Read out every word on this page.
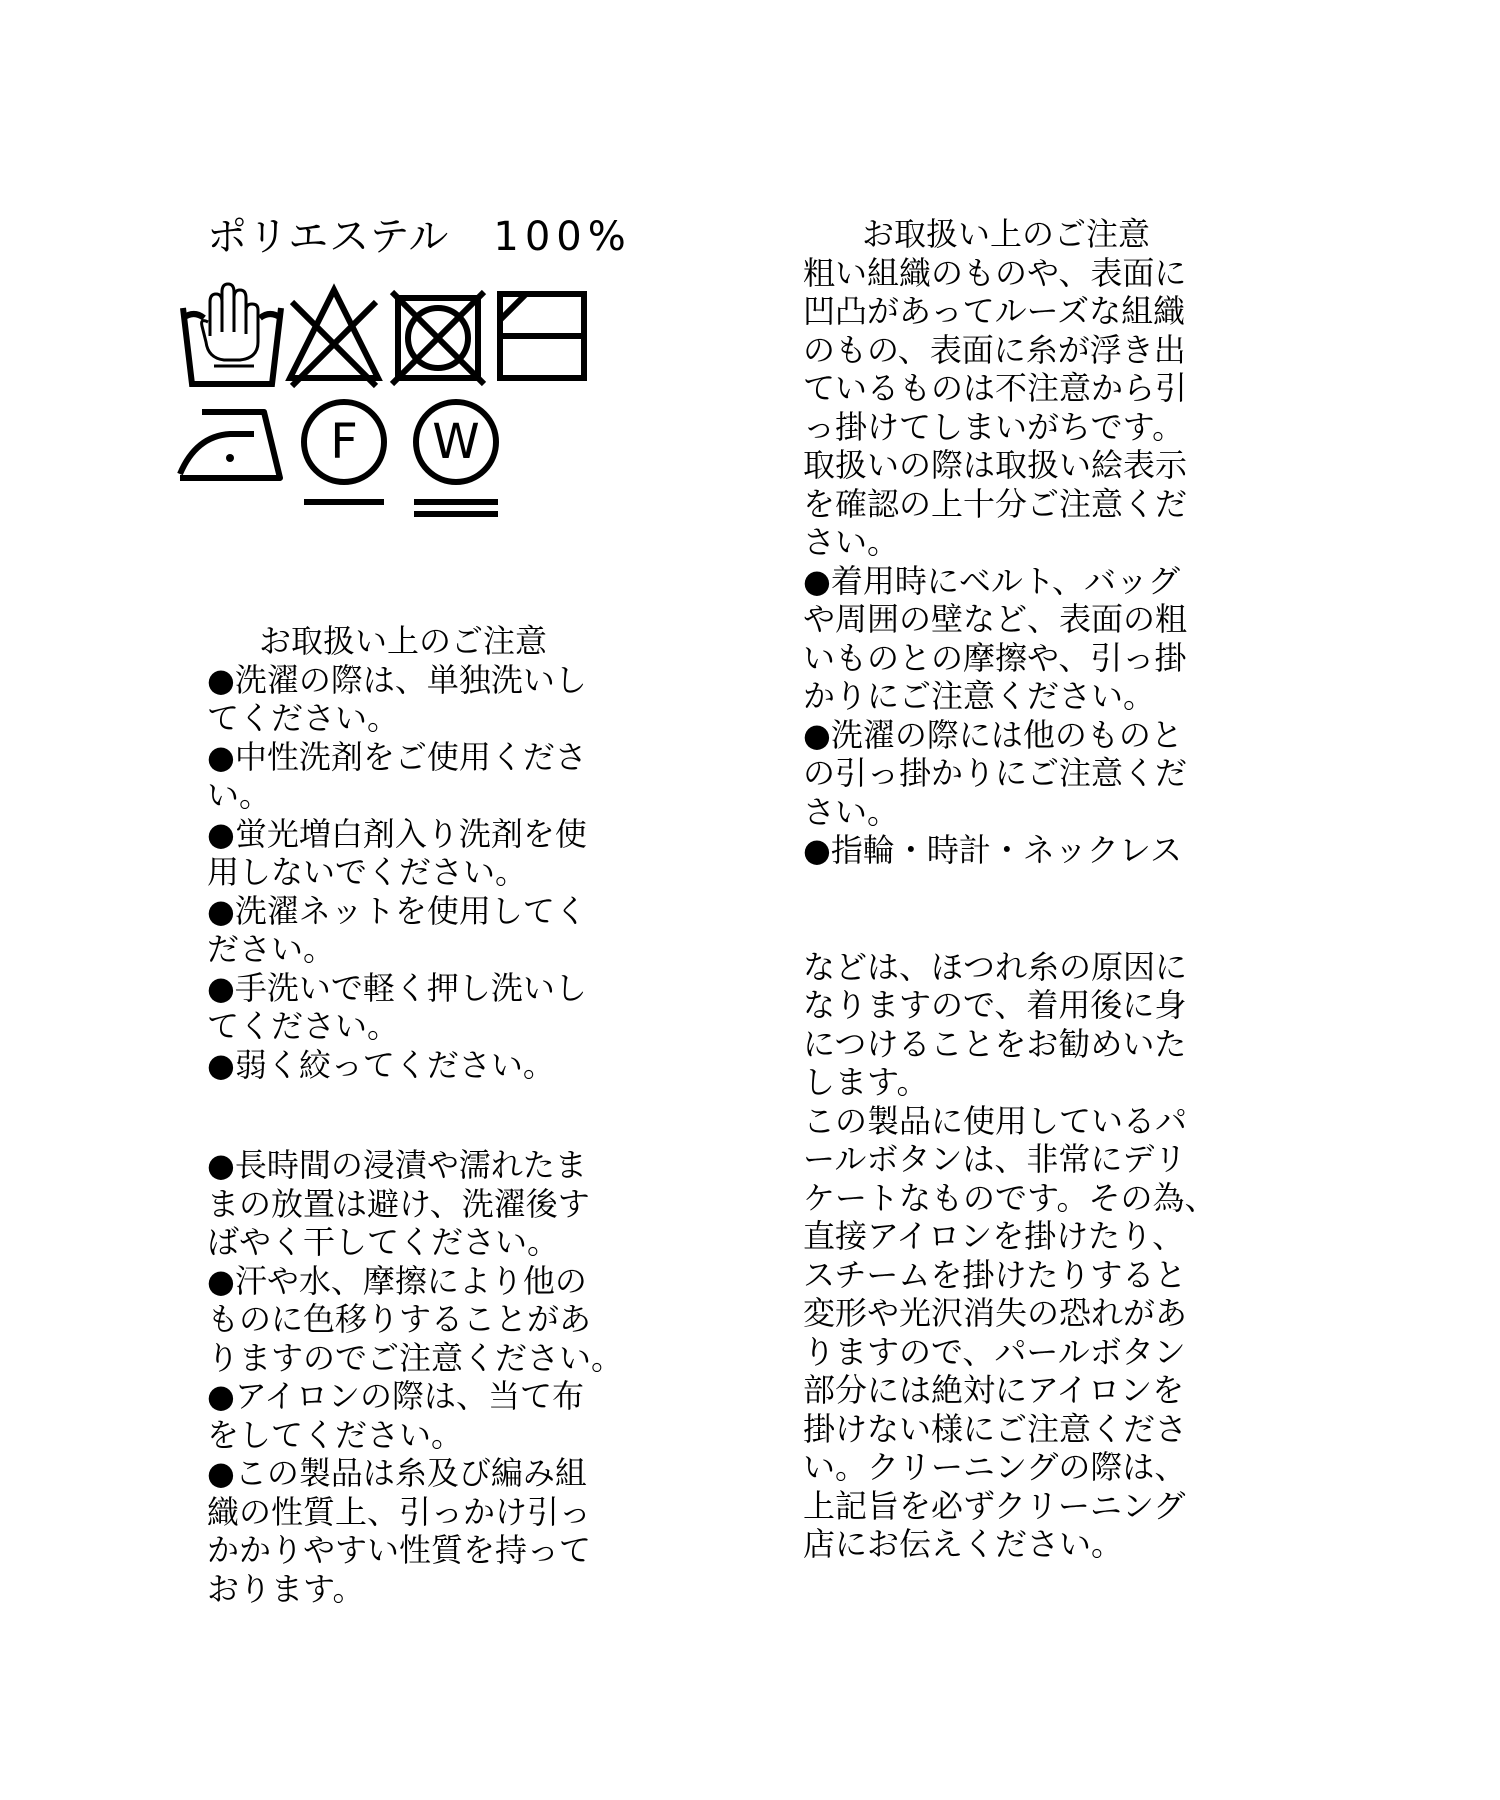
ポリエステル 100%
F W
お取扱い上のご注意
●洗濯の際は、単独洗いし
てください。
●中性洗剤をご使用くださ
い。
●蛍光増白剤入り洗剤を使
用しないでください。
●洗濯ネットを使用してく
ださい。
●手洗いで軽く押し洗いし
てください。
●弱く絞ってください。
●長時間の浸漬や濡れたま
まの放置は避け、洗濯後す
ばやく干してください。
●汗や水、摩擦により他の
ものに色移りすることがあ
りますのでご注意ください。
●アイロンの際は、当て布
をしてください。
●この製品は糸及び編み組
織の性質上、引っかけ引っ
かかりやすい性質を持って
おります。
お取扱い上のご注意
粗い組織のものや、表面に
凹凸があってルーズな組織
のもの、表面に糸が浮き出
ているものは不注意から引
っ掛けてしまいがちです。
取扱いの際は取扱い絵表示
を確認の上十分ご注意くだ
さい。
●着用時にベルト、バッグ
や周囲の壁など、表面の粗
いものとの摩擦や、引っ掛
かりにご注意ください。
●洗濯の際には他のものと
の引っ掛かりにご注意くだ
さい。
●指輪・時計・ネックレス
などは、ほつれ糸の原因に
なりますので、着用後に身
につけることをお勧めいた
します。
この製品に使用しているパ
ールボタンは、非常にデリ
ケートなものです。その為、
直接アイロンを掛けたり、
スチームを掛けたりすると
変形や光沢消失の恐れがあ
りますので、パールボタン
部分には絶対にアイロンを
掛けない様にご注意くださ
い。クリーニングの際は、
上記旨を必ずクリーニング
店にお伝えください。
